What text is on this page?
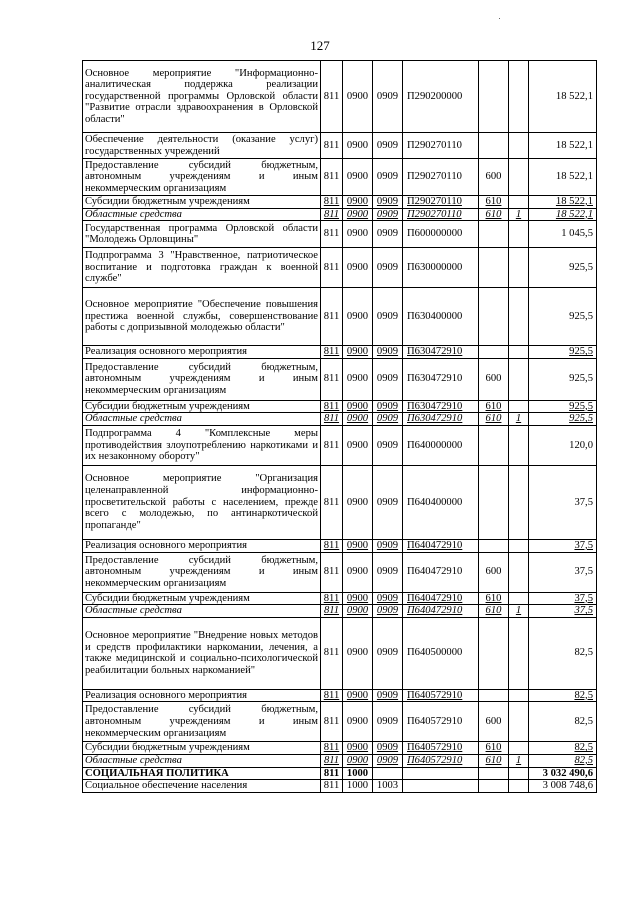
127
Основное мероприятие "Информационно-аналитическая поддержка реализации государственной программы Орловской области "Развитие отрасли здравоохранения в Орловской области"	811	0900	0909	П290200000			18 522,1
Обеспечение деятельности (оказание услуг) государственных учреждений	811	0900	0909	П290270110			18 522,1
Предоставление субсидий бюджетным, автономным учреждениям и иным некоммерческим организациям	811	0900	0909	П290270110	600		18 522,1
Субсидии бюджетным учреждениям	811	0900	0909	П290270110	610		18 522,1
Областные средства	811	0900	0909	П290270110	610	1	18 522,1
Государственная программа Орловской области "Молодежь Орловщины"	811	0900	0909	П600000000			1 045,5
Подпрограмма 3 "Нравственное, патриотическое воспитание и подготовка граждан к военной службе"	811	0900	0909	П630000000			925,5
Основное мероприятие "Обеспечение повышения престижа военной службы, совершенствование работы с допризывной молодежью области"	811	0900	0909	П630400000			925,5
Реализация основного мероприятия	811	0900	0909	П630472910			925,5
Предоставление субсидий бюджетным, автономным учреждениям и иным некоммерческим организациям	811	0900	0909	П630472910	600		925,5
Субсидии бюджетным учреждениям	811	0900	0909	П630472910	610		925,5
Областные средства	811	0900	0909	П630472910	610	1	925,5
Подпрограмма 4 "Комплексные меры противодействия злоупотреблению наркотиками и их незаконному обороту"	811	0900	0909	П640000000			120,0
Основное мероприятие "Организация целенаправленной информационно-просветительской работы с населением, прежде всего с молодежью, по антинаркотической пропаганде"	811	0900	0909	П640400000			37,5
Реализация основного мероприятия	811	0900	0909	П640472910			37,5
Предоставление субсидий бюджетным, автономным учреждениям и иным некоммерческим организациям	811	0900	0909	П640472910	600		37,5
Субсидии бюджетным учреждениям	811	0900	0909	П640472910	610		37,5
Областные средства	811	0900	0909	П640472910	610	1	37,5
Основное мероприятие "Внедрение новых методов и средств профилактики наркомании, лечения, а также медицинской и социально-психологической реабилитации больных наркоманией"	811	0900	0909	П640500000			82,5
Реализация основного мероприятия	811	0900	0909	П640572910			82,5
Предоставление субсидий бюджетным, автономным учреждениям и иным некоммерческим организациям	811	0900	0909	П640572910	600		82,5
Субсидии бюджетным учреждениям	811	0900	0909	П640572910	610		82,5
Областные средства	811	0900	0909	П640572910	610	1	82,5
СОЦИАЛЬНАЯ ПОЛИТИКА	811	1000					3 032 490,6
Социальное обеспечение населения	811	1000	1003				3 008 748,6
